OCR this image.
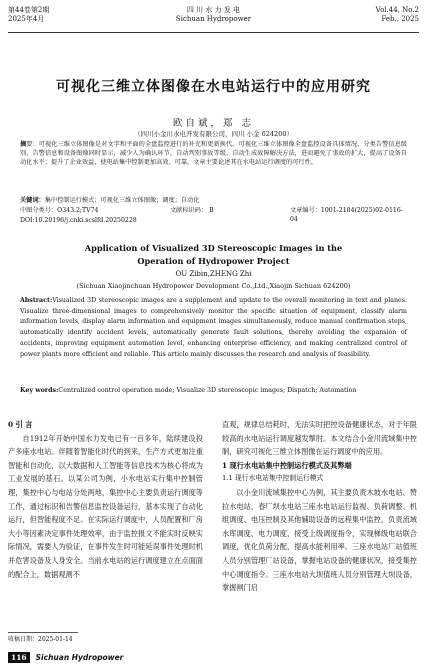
第44卷第2期
2025年4月
四 川 水 力 发 电
Sichuan Hydropower
Vol.44, No.2
Feb., 2025
可视化三维立体图像在水电站运行中的应用研究
欧自斌，郑 志
（四川小金川水电开发有限公司，四川 小金 624200）
摘要：可视化三维立体图像是对文字和平面的全盘监控进行的补充和更新换代。可视化三维立体图像全盘监控设备具体情况，分类告警信息级别，告警信息和设备图像同时显示，减少人为确认环节，自动判别事故等级，自动生成故障解决方法，进而避免了事故的扩大，提高了设备自动化水平；提升了企业效益，使电站集中控制更加高效、可靠，文章主要论述其在水电站运行调度的可行性。
关键词：集中控制运行模式；可视化三维立体图像；调度；自动化
中图分类号：O343.2;TV74	文献标识码： B	文章编号：1001-2184(2025)02-0116-04
DOI:10.20196/j.cnki.scslfd.20250228
Application of Visualized 3D Stereoscopic Images in the
Operation of Hydropower Project
OU Zibin,ZHENG Zhi
(Sichuan Xiaojinchuan Hydropower Development Co.,Ltd.,Xiaojin Sichuan 624200)
Abstract:Visualized 3D stereoscopic images are a supplement and update to the overall monitoring in text and planes. Visualize three-dimensional images to comprehensively monitor the specific situation of equipment, classify alarm information levels, display alarm information and equipment images simultaneously, reduce manual confirmation steps, automatically identify accident levels, automatically generate fault solutions, thereby avoiding the expansion of accidents, improving equipment automation level, enhancing enterprise efficiency, and making centralized control of power plants more efficient and reliable. This article mainly discusses the research and analysis of feasibility.
Key words:Centralized control operation mode; Visualize 3D stereoscopic images; Dispatch; Automation
0 引 言
自1912年开始中国水力发电已有一百多年，陆续建设投产多座水电站。伴随着智能化时代的到来，生产方式更加注重智能和自动化，以大数据和人工智能等信息技术为核心将成为工业发展的基石。以某公司为例，小水电站实行集中控制管理，集控中心与电站分处两地，集控中心主要负责运行调度等工作，通过标识和告警信息监控设备运行，基本实现了自动化运行，但智能程度不足。在实际运行调度中，人员配置和厂房大小等因素决定事件处理效率，由于监控报文不能实时反映实际情况，需要人为验证，在事件发生时可能延误事件处理时机并危害设备及人身安全。当前水电站的运行调度建立在点面面的配合上，数据观测不
直观，规律总结耗时，无法实时把控设备健康状态，对于年限较高的水电站运行调度越发掣肘。本文结合小金川流域集中控制，研究可视化三维立体图像在运行调度中的应用。
1 现行水电站集中控制运行模式及其弊端
1.1 现行水电站集中控制运行模式
以小金川流域集控中心为例，其主要负责木坡水电站、赞拉水电站、春厂坝水电站三座水电站运行监视、负荷调整、机组调度、电压控制及其他辅助设备的远程集中监控，负责流域水库调度、电力调度，接受上级调度指令，实现梯级电站联合调度，优化负荷分配，提高水能利用率。三座水电站厂站值班人员分别管理厂站设备，掌握电站设备的健康状况，接受集控中心调度指令。三座水电站大坝值班人员分别管理大坝设备，掌握闸门启
收稿日期：2025-01-14
116 Sichuan Hydropower
